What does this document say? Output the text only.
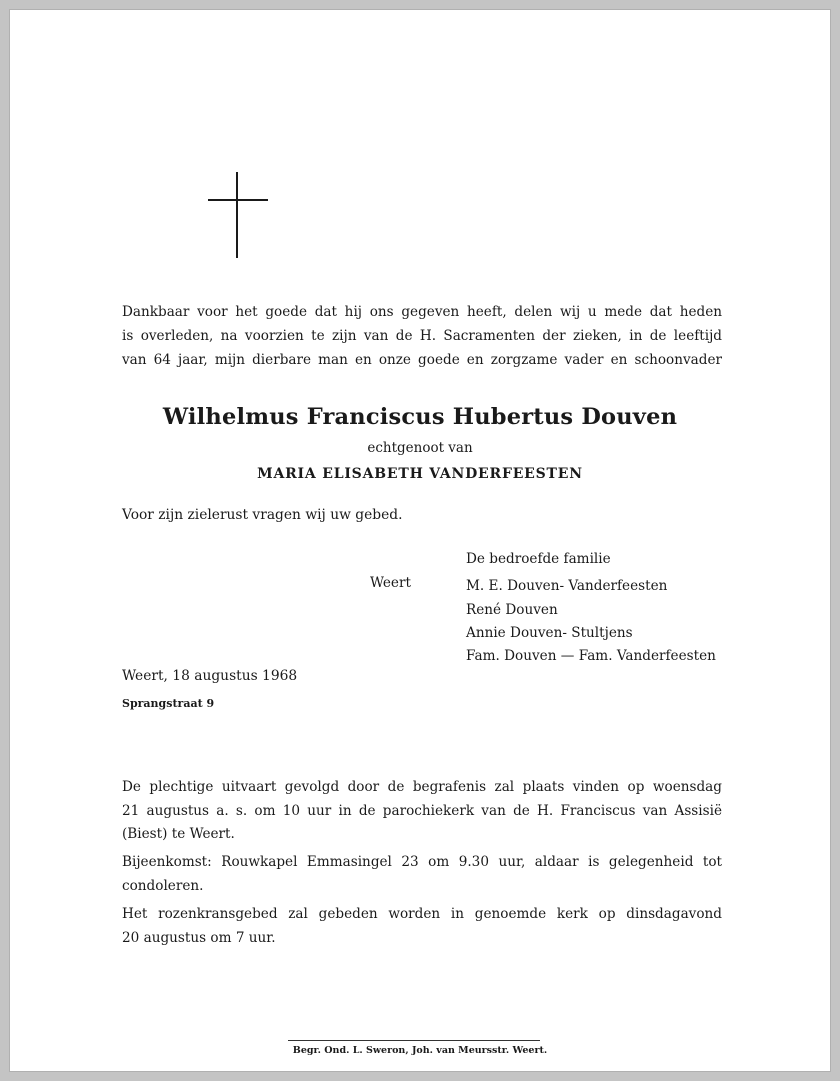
Dankbaar voor het goede dat hij ons gegeven heeft, delen wij u mede dat heden
is overleden, na voorzien te zijn van de H. Sacramenten der zieken, in de leeftijd
van 64 jaar, mijn dierbare man en onze goede en zorgzame vader en schoonvader
Wilhelmus Franciscus Hubertus Douven
echtgenoot van
MARIA ELISABETH VANDERFEESTEN
Voor zijn zielerust vragen wij uw gebed.
Weert
De bedroefde familie
M. E. Douven- Vanderfeesten
René Douven
Annie Douven- Stultjens
Fam. Douven — Fam. Vanderfeesten
Weert, 18 augustus 1968
Sprangstraat 9
De plechtige uitvaart gevolgd door de begrafenis zal plaats vinden op woensdag
21 augustus a. s. om 10 uur in de parochiekerk van de H. Franciscus van Assisië
(Biest) te Weert.
Bijeenkomst: Rouwkapel Emmasingel 23 om 9.30 uur, aldaar is gelegenheid tot
condoleren.
Het rozenkransgebed zal gebeden worden in genoemde kerk op dinsdagavond
20 augustus om 7 uur.
Begr. Ond. L. Sweron, Joh. van Meursstr. Weert.
